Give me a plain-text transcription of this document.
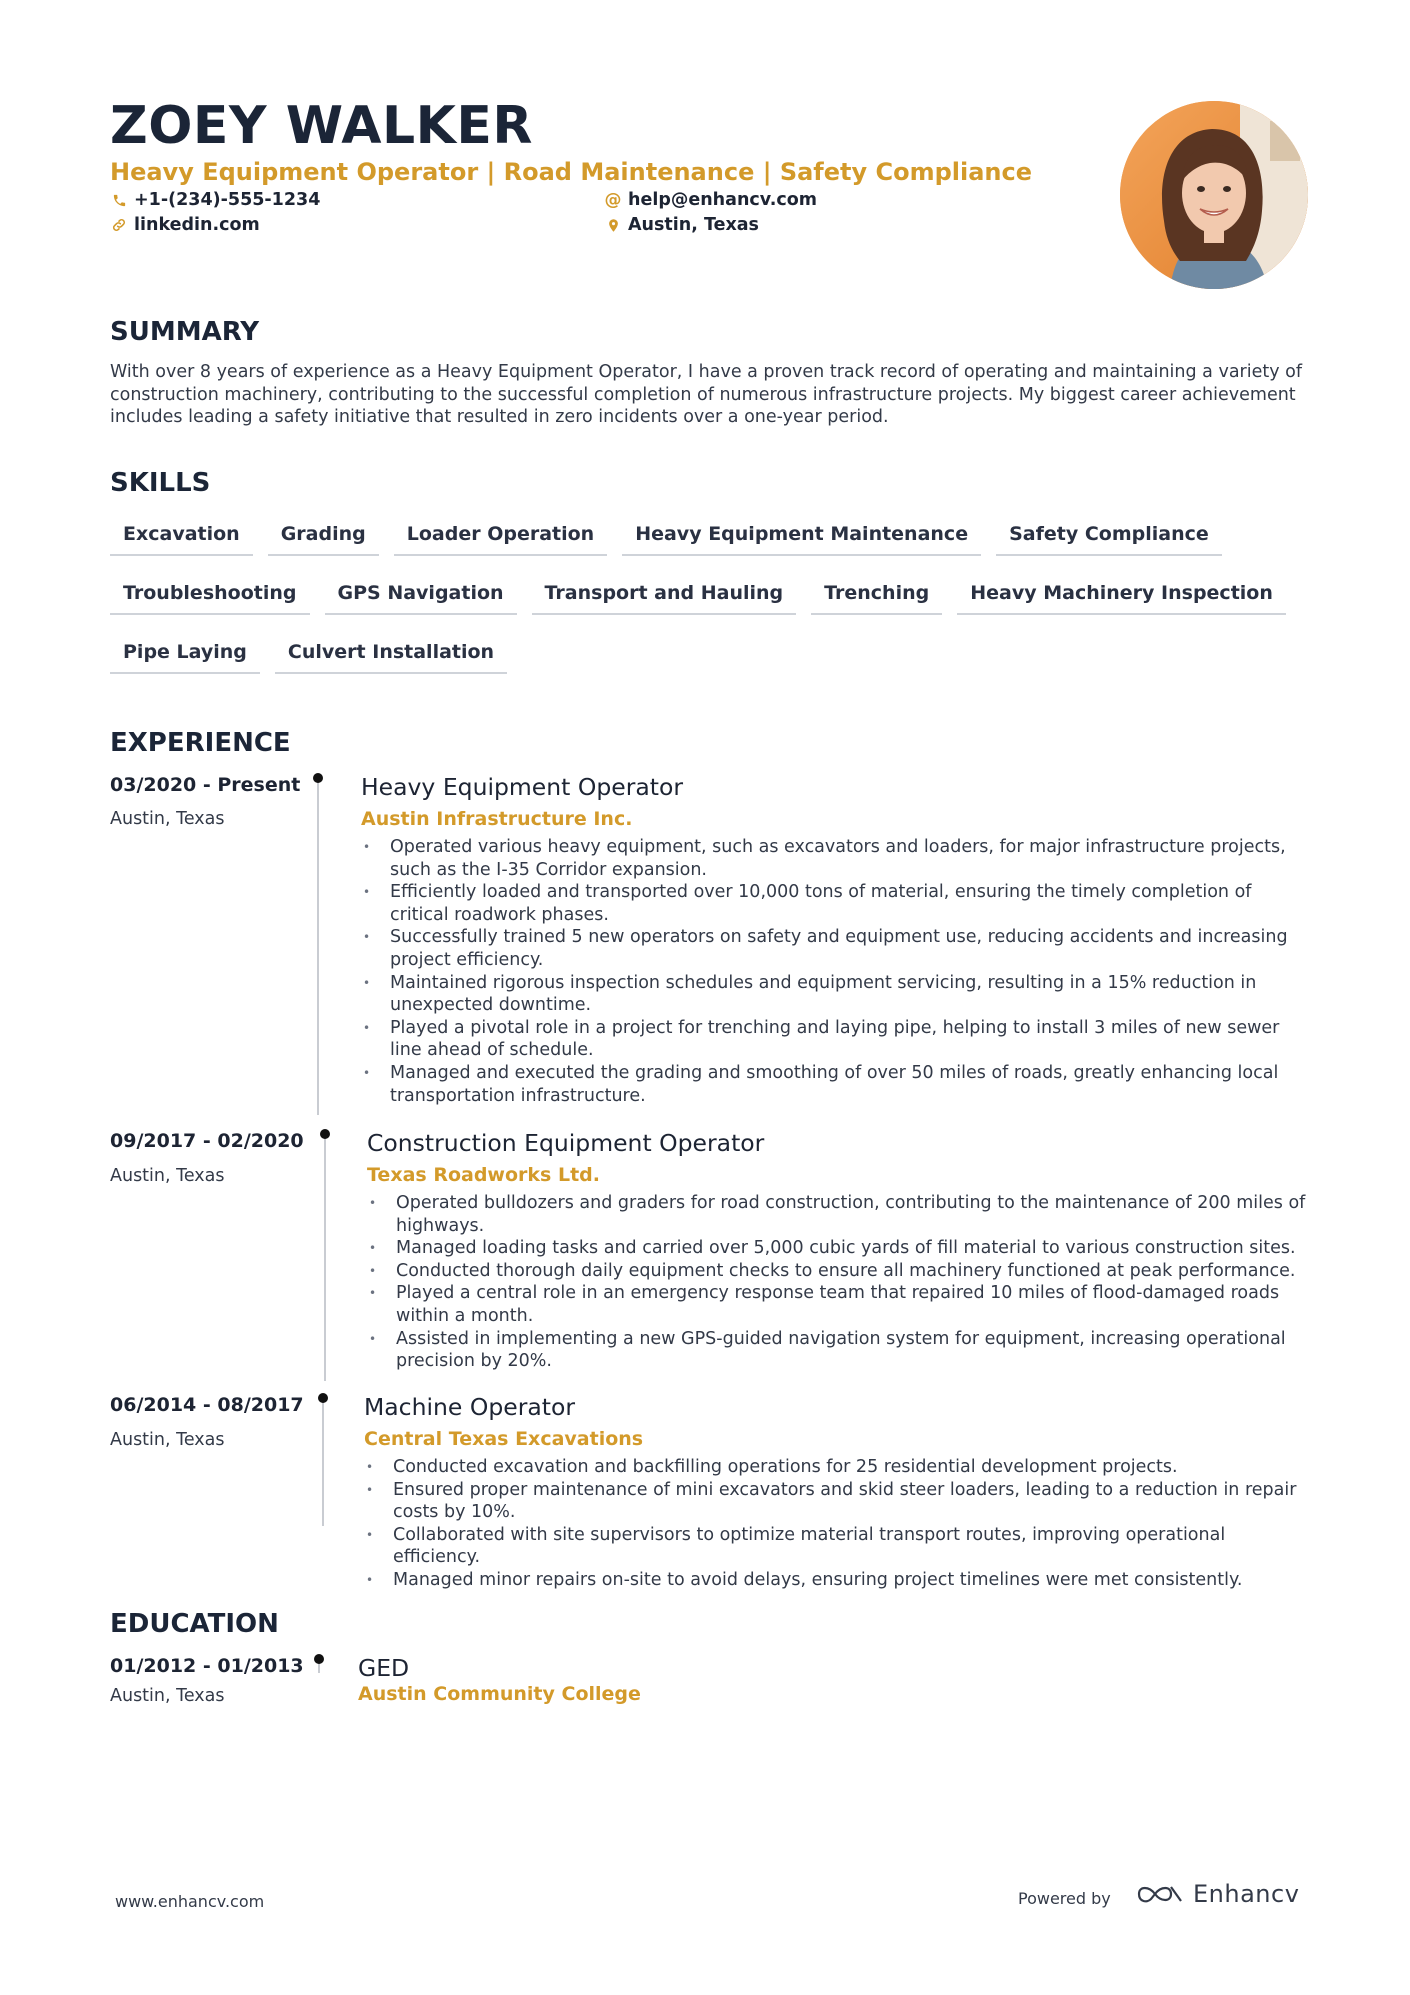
ZOEY WALKER
Heavy Equipment Operator | Road Maintenance | Safety Compliance
+1-(234)-555-1234	@ help@enhancv.com
linkedin.com	Austin, Texas
SUMMARY
With over 8 years of experience as a Heavy Equipment Operator, I have a proven track record of operating and maintaining a variety of construction machinery, contributing to the successful completion of numerous infrastructure projects. My biggest career achievement includes leading a safety initiative that resulted in zero incidents over a one-year period.
SKILLS
Excavation	Grading	Loader Operation	Heavy Equipment Maintenance	Safety Compliance
Troubleshooting	GPS Navigation	Transport and Hauling	Trenching	Heavy Machinery Inspection
Pipe Laying	Culvert Installation
EXPERIENCE
03/2020 - Present
Austin, Texas
Heavy Equipment Operator
Austin Infrastructure Inc.
• Operated various heavy equipment, such as excavators and loaders, for major infrastructure projects, such as the I-35 Corridor expansion.
• Efficiently loaded and transported over 10,000 tons of material, ensuring the timely completion of critical roadwork phases.
• Successfully trained 5 new operators on safety and equipment use, reducing accidents and increasing project efficiency.
• Maintained rigorous inspection schedules and equipment servicing, resulting in a 15% reduction in unexpected downtime.
• Played a pivotal role in a project for trenching and laying pipe, helping to install 3 miles of new sewer line ahead of schedule.
• Managed and executed the grading and smoothing of over 50 miles of roads, greatly enhancing local transportation infrastructure.
09/2017 - 02/2020
Austin, Texas
Construction Equipment Operator
Texas Roadworks Ltd.
• Operated bulldozers and graders for road construction, contributing to the maintenance of 200 miles of highways.
• Managed loading tasks and carried over 5,000 cubic yards of fill material to various construction sites.
• Conducted thorough daily equipment checks to ensure all machinery functioned at peak performance.
• Played a central role in an emergency response team that repaired 10 miles of flood-damaged roads within a month.
• Assisted in implementing a new GPS-guided navigation system for equipment, increasing operational precision by 20%.
06/2014 - 08/2017
Austin, Texas
Machine Operator
Central Texas Excavations
• Conducted excavation and backfilling operations for 25 residential development projects.
• Ensured proper maintenance of mini excavators and skid steer loaders, leading to a reduction in repair costs by 10%.
• Collaborated with site supervisors to optimize material transport routes, improving operational efficiency.
• Managed minor repairs on-site to avoid delays, ensuring project timelines were met consistently.
EDUCATION
01/2012 - 01/2013
Austin, Texas
GED
Austin Community College
www.enhancv.com	Powered by	Enhancv
